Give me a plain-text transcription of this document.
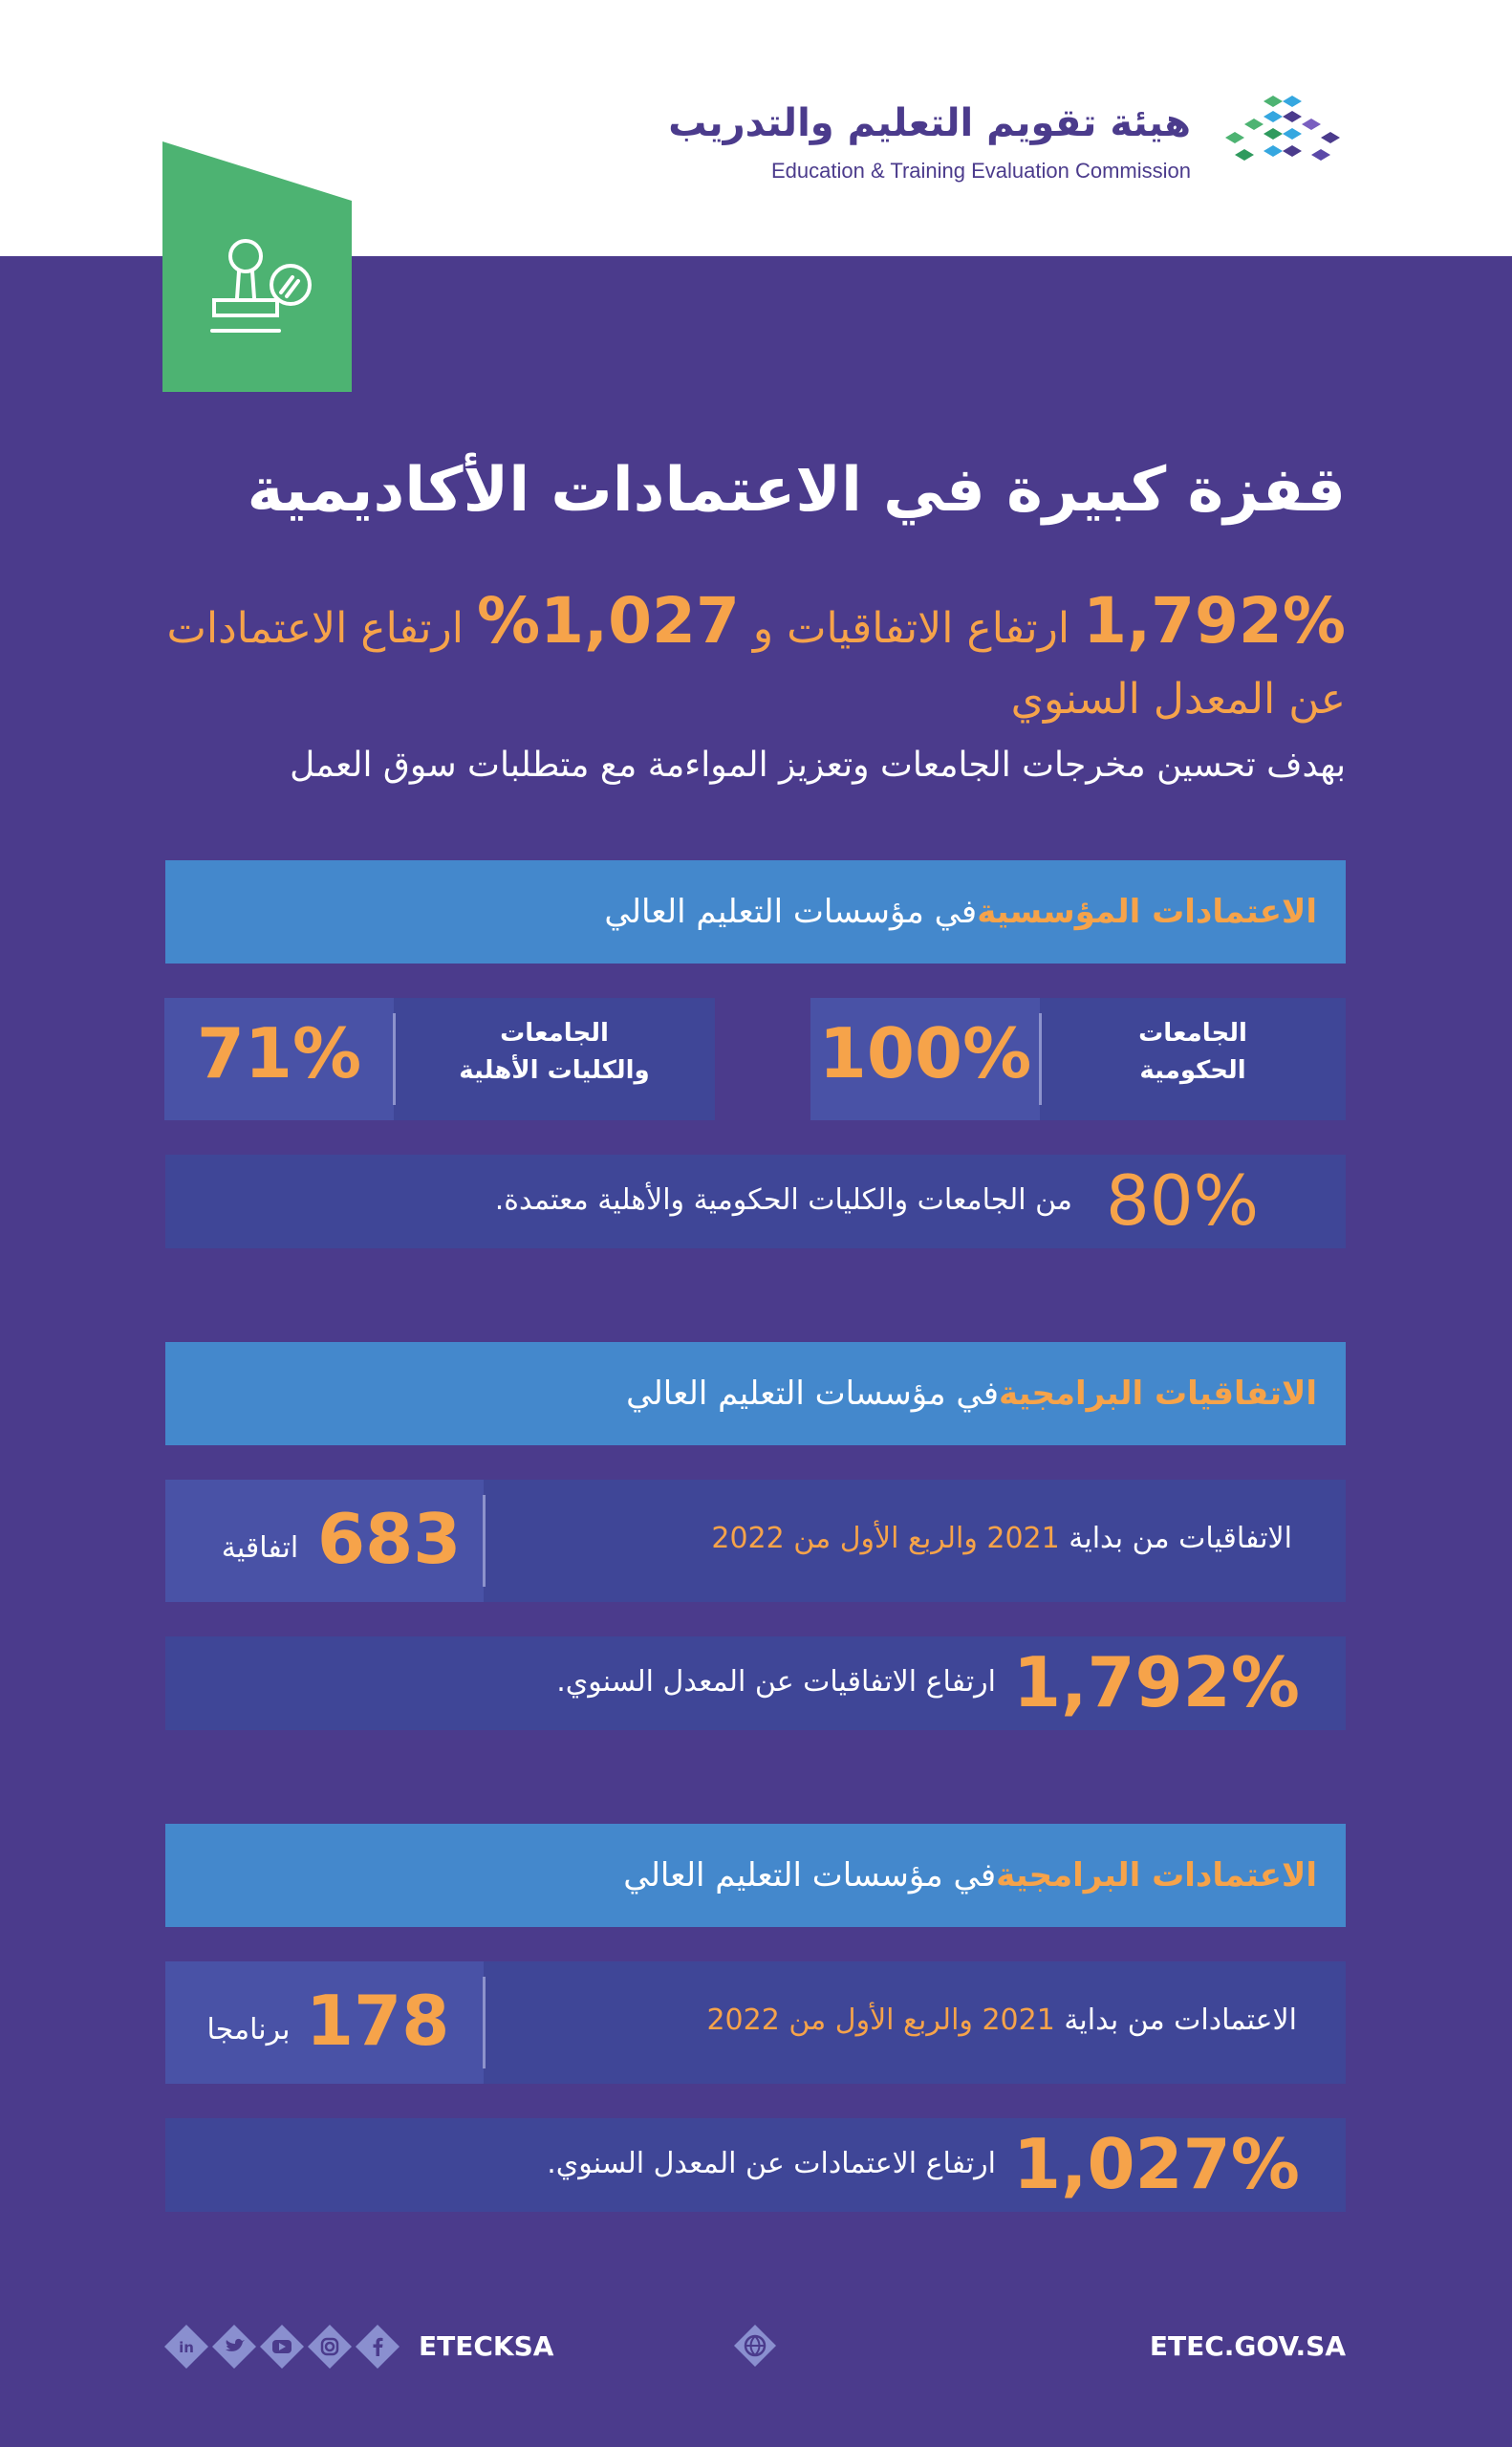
هيئة تقويم التعليم والتدريب
Education & Training Evaluation Commission
قفزة كبيرة في الاعتمادات الأكاديمية
1,792% ارتفاع الاتفاقيات و 1,027% ارتفاع الاعتمادات
عن المعدل السنوي
بهدف تحسين مخرجات الجامعات وتعزيز المواءمة مع متطلبات سوق العمل
الاعتمادات المؤسسية
في مؤسسات التعليم العالي
الجامعات
الحكومية
100%
الجامعات
والكليات الأهلية
71%
80%
من الجامعات والكليات الحكومية والأهلية معتمدة.
الاتفاقيات البرامجية
في مؤسسات التعليم العالي
الاتفاقيات من بداية 2021 والربع الأول من 2022
683
اتفاقية
1,792%
ارتفاع الاتفاقيات عن المعدل السنوي.
الاعتمادات البرامجية
في مؤسسات التعليم العالي
الاعتمادات من بداية 2021 والربع الأول من 2022
178
برنامجا
1,027%
ارتفاع الاعتمادات عن المعدل السنوي.
ETEC.GOV.SA
ETECKSA
in
